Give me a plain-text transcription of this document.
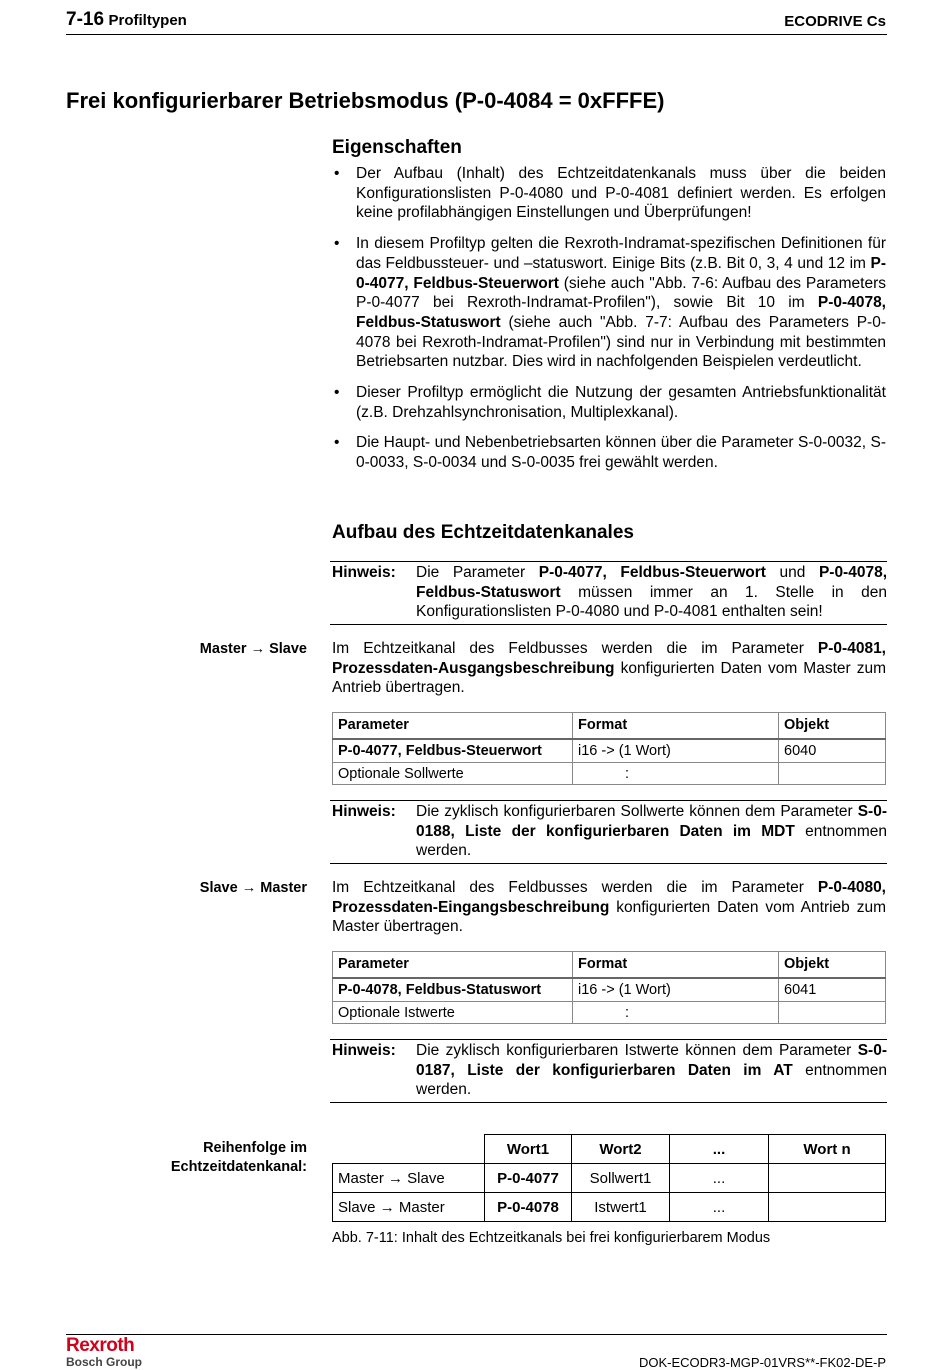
7-16 Profiltypen	ECODRIVE Cs
Frei konfigurierbarer Betriebsmodus (P-0-4084 = 0xFFFE)
Eigenschaften
• Der Aufbau (Inhalt) des Echtzeitdatenkanals muss über die beiden Konfigurationslisten P-0-4080 und P-0-4081 definiert werden. Es erfolgen keine profilabhängigen Einstellungen und Überprüfungen!
• In diesem Profiltyp gelten die Rexroth-Indramat-spezifischen Definitionen für das Feldbussteuer- und –statuswort. Einige Bits (z.B. Bit 0, 3, 4 und 12 im P-0-4077, Feldbus-Steuerwort (siehe auch "Abb. 7-6: Aufbau des Parameters P-0-4077 bei Rexroth-Indramat-Profilen"), sowie Bit 10 im P-0-4078, Feldbus-Statuswort (siehe auch "Abb. 7-7: Aufbau des Parameters P-0-4078 bei Rexroth-Indramat-Profilen") sind nur in Verbindung mit bestimmten Betriebsarten nutzbar. Dies wird in nachfolgenden Beispielen verdeutlicht.
• Dieser Profiltyp ermöglicht die Nutzung der gesamten Antriebsfunktionalität (z.B. Drehzahlsynchronisation, Multiplexkanal).
• Die Haupt- und Nebenbetriebsarten können über die Parameter S-0-0032, S-0-0033, S-0-0034 und S-0-0035 frei gewählt werden.
Aufbau des Echtzeitdatenkanales
Hinweis:	Die Parameter P-0-4077, Feldbus-Steuerwort und P-0-4078, Feldbus-Statuswort müssen immer an 1. Stelle in den Konfigurationslisten P-0-4080 und P-0-4081 enthalten sein!
Master → Slave Im Echtzeitkanal des Feldbusses werden die im Parameter P-0-4081, Prozessdaten-Ausgangsbeschreibung konfigurierten Daten vom Master zum Antrieb übertragen.
Parameter	Format	Objekt
P-0-4077, Feldbus-Steuerwort	i16 -> (1 Wort)	6040
Optionale Sollwerte	:	
Hinweis:	Die zyklisch konfigurierbaren Sollwerte können dem Parameter S-0-0188, Liste der konfigurierbaren Daten im MDT entnommen werden.
Slave → Master Im Echtzeitkanal des Feldbusses werden die im Parameter P-0-4080, Prozessdaten-Eingangsbeschreibung konfigurierten Daten vom Antrieb zum Master übertragen.
Parameter	Format	Objekt
P-0-4078, Feldbus-Statuswort	i16 -> (1 Wort)	6041
Optionale Istwerte	:	
Hinweis:	Die zyklisch konfigurierbaren Istwerte können dem Parameter S-0-0187, Liste der konfigurierbaren Daten im AT entnommen werden.
Reihenfolge im
Echtzeitdatenkanal:
	Wort1	Wort2	...	Wort n
Master → Slave	P-0-4077	Sollwert1	...	
Slave → Master	P-0-4078	Istwert1	...	
Abb. 7-11: Inhalt des Echtzeitkanals bei frei konfigurierbarem Modus
Rexroth
Bosch Group	DOK-ECODR3-MGP-01VRS**-FK02-DE-P
